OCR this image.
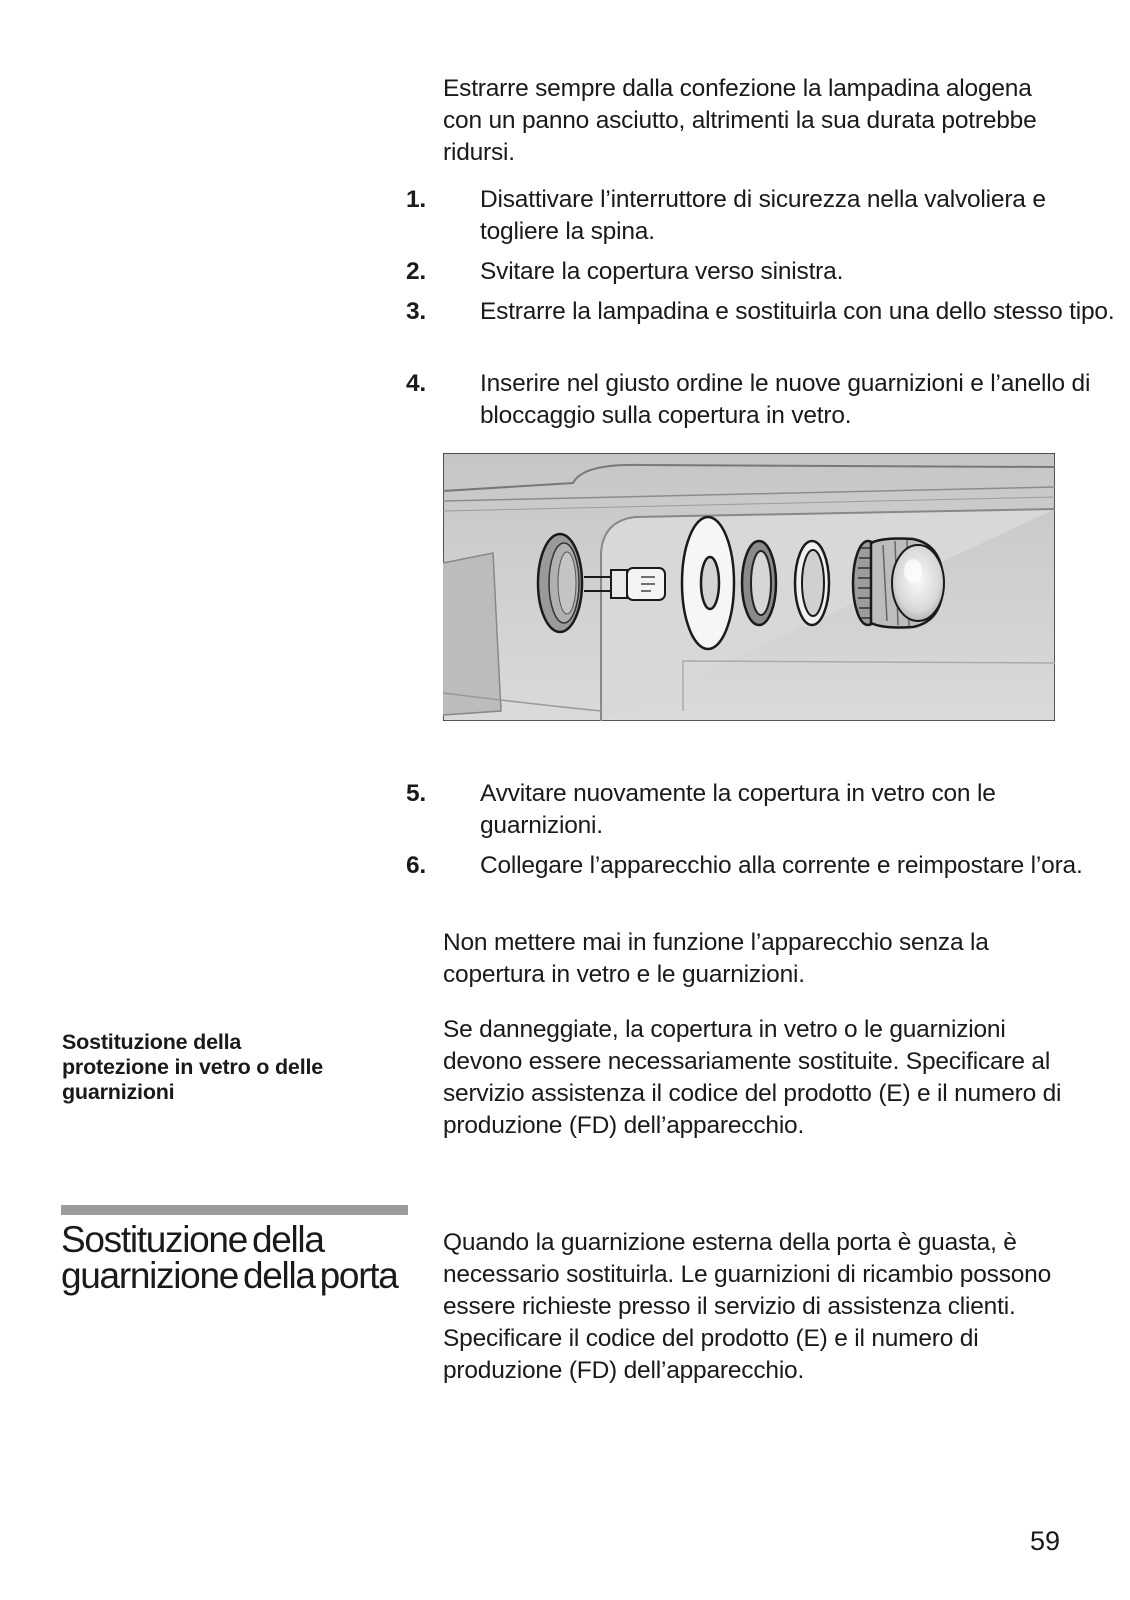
Estrarre sempre dalla confezione la lampadina alogena con un panno asciutto, altrimenti la sua durata potrebbe ridursi.
1. Disattivare l’interruttore di sicurezza nella valvoliera e togliere la spina.
2. Svitare la copertura verso sinistra.
3. Estrarre la lampadina e sostituirla con una dello stesso tipo.
4. Inserire nel giusto ordine le nuove guarnizioni e l’anello di bloccaggio sulla copertura in vetro.
5. Avvitare nuovamente la copertura in vetro con le guarnizioni.
6. Collegare l’apparecchio alla corrente e reimpostare l’ora.
Non mettere mai in funzione l’apparecchio senza la copertura in vetro e le guarnizioni.
Sostituzione della protezione in vetro o delle guarnizioni
Se danneggiate, la copertura in vetro o le guarnizioni devono essere necessariamente sostituite. Specificare al servizio assistenza il codice del prodotto (E) e il numero di produzione (FD) dell’apparecchio.
Sostituzione della guarnizione della porta
Quando la guarnizione esterna della porta è guasta, è necessario sostituirla. Le guarnizioni di ricambio possono essere richieste presso il servizio di assistenza clienti. Specificare il codice del prodotto (E) e il numero di produzione (FD) dell’apparecchio.
59
